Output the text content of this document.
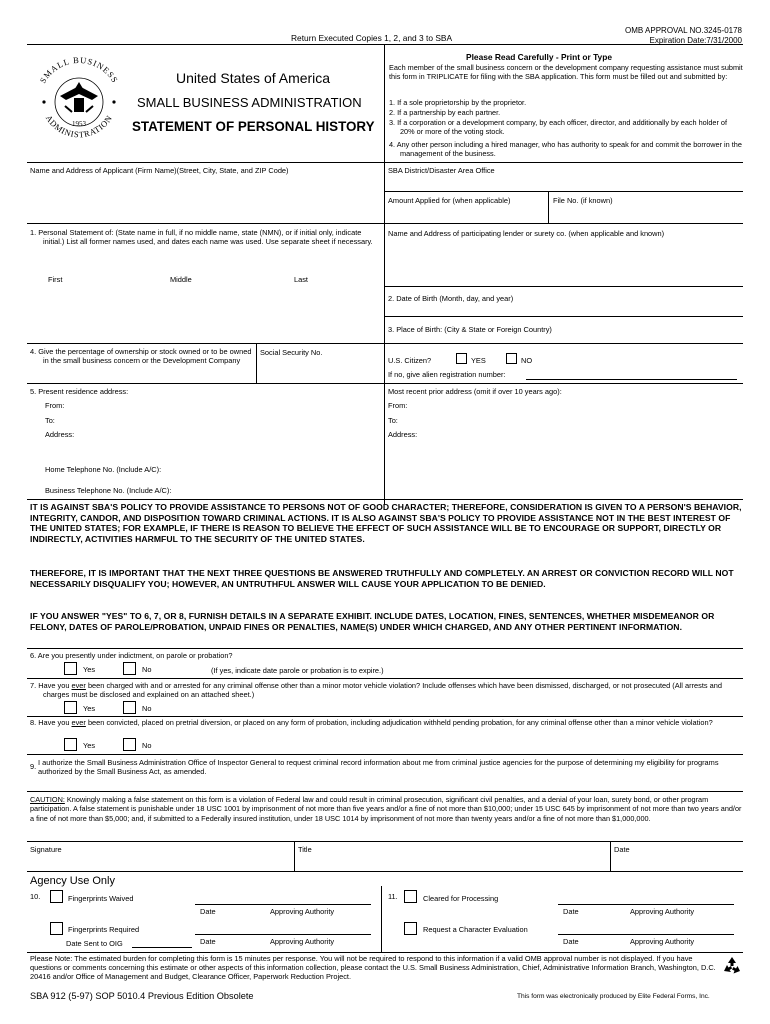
Return Executed Copies 1, 2, and 3 to SBA
OMB APPROVAL NO.3245-0178
Expiration Date:7/31/2000
SMALL BUSINESS
ADMINISTRATION
1953
United States of America
SMALL BUSINESS ADMINISTRATION
STATEMENT OF PERSONAL HISTORY
Please Read Carefully - Print or Type
Each member of the small business concern or the development company requesting assistance must submit this form in TRIPLICATE for filing with the SBA application. This form must be filled out and submitted by:
1. If a sole proprietorship by the proprietor.
2. If a partnership by each partner.
3. If a corporation or a development company, by each officer, director, and additionally by each holder of 20% or more of the voting stock.
4. Any other person including a hired manager, who has authority to speak for and commit the borrower in the management of the business.
Name and Address of Applicant (Firm Name)(Street, City, State, and ZIP Code)	SBA District/Disaster Area Office
Amount Applied for (when applicable)	File No. (if known)
1. Personal Statement of: (State name in full, if no middle name, state (NMN), or if initial only, indicate initial.) List all former names used, and dates each name was used. Use separate sheet if necessary.
First	Middle	Last
Name and Address of participating lender or surety co. (when applicable and known)
2. Date of Birth (Month, day, and year)
3. Place of Birth: (City & State or Foreign Country)
4. Give the percentage of ownership or stock owned or to be owned in the small business concern or the Development Company
Social Security No.
U.S. Citizen?	YES	NO
If no, give alien registration number:
5. Present residence address:
From:
To:
Address:
Home Telephone No. (Include A/C):
Business Telephone No. (Include A/C):
Most recent prior address (omit if over 10 years ago):
From:
To:
Address:
IT IS AGAINST SBA'S POLICY TO PROVIDE ASSISTANCE TO PERSONS NOT OF GOOD CHARACTER; THEREFORE, CONSIDERATION IS GIVEN TO A PERSON'S BEHAVIOR, INTEGRITY, CANDOR, AND DISPOSITION TOWARD CRIMINAL ACTIONS. IT IS ALSO AGAINST SBA'S POLICY TO PROVIDE ASSISTANCE NOT IN THE BEST INTEREST OF THE UNITED STATES; FOR EXAMPLE, IF THERE IS REASON TO BELIEVE THE EFFECT OF SUCH ASSISTANCE WILL BE TO ENCOURAGE OR SUPPORT, DIRECTLY OR INDIRECTLY, ACTIVITIES HARMFUL TO THE SECURITY OF THE UNITED STATES.
THEREFORE, IT IS IMPORTANT THAT THE NEXT THREE QUESTIONS BE ANSWERED TRUTHFULLY AND COMPLETELY. AN ARREST OR CONVICTION RECORD WILL NOT NECESSARILY DISQUALIFY YOU; HOWEVER, AN UNTRUTHFUL ANSWER WILL CAUSE YOUR APPLICATION TO BE DENIED.
IF YOU ANSWER "YES" TO 6, 7, OR 8, FURNISH DETAILS IN A SEPARATE EXHIBIT. INCLUDE DATES, LOCATION, FINES, SENTENCES, WHETHER MISDEMEANOR OR FELONY, DATES OF PAROLE/PROBATION, UNPAID FINES OR PENALTIES, NAME(S) UNDER WHICH CHARGED, AND ANY OTHER PERTINENT INFORMATION.
6. Are you presently under indictment, on parole or probation?
Yes	No	(If yes, indicate date parole or probation is to expire.)
7. Have you ever been charged with and or arrested for any criminal offense other than a minor motor vehicle violation? Include offenses which have been dismissed, discharged, or not prosecuted (All arrests and charges must be disclosed and explained on an attached sheet.)
Yes	No
8. Have you ever been convicted, placed on pretrial diversion, or placed on any form of probation, including adjudication withheld pending probation, for any criminal offense other than a minor vehicle violation?
Yes	No
9. I authorize the Small Business Administration Office of Inspector General to request criminal record information about me from criminal justice agencies for the purpose of determining my eligibility for programs authorized by the Small Business Act, as amended.
CAUTION: Knowingly making a false statement on this form is a violation of Federal law and could result in criminal prosecution, significant civil penalties, and a denial of your loan, surety bond, or other program participation. A false statement is punishable under 18 USC 1001 by imprisonment of not more than five years and/or a fine of not more than $10,000; under 15 USC 645 by imprisonment of not more than two years and/or a fine of not more than $5,000; and, if submitted to a Federally insured institution, under 18 USC 1014 by imprisonment of not more than twenty years and/or a fine of not more than $1,000,000.
Signature	Title	Date
Agency Use Only
10.	Fingerprints Waived
Date	Approving Authority
Fingerprints Required
Date Sent to OIG	Date	Approving Authority
11.	Cleared for Processing
Date	Approving Authority
Request a Character Evaluation
Date	Approving Authority
Please Note: The estimated burden for completing this form is 15 minutes per response. You will not be required to respond to this information if a valid OMB approval number is not displayed. If you have questions or comments concerning this estimate or other aspects of this information collection, please contact the U.S. Small Business Administration, Chief, Administrative Information Branch, Washington, D.C. 20416 and/or Office of Management and Budget, Clearance Officer, Paperwork Reduction Project.
SBA 912 (5-97) SOP 5010.4 Previous Edition Obsolete	This form was electronically produced by Elite Federal Forms, Inc.
